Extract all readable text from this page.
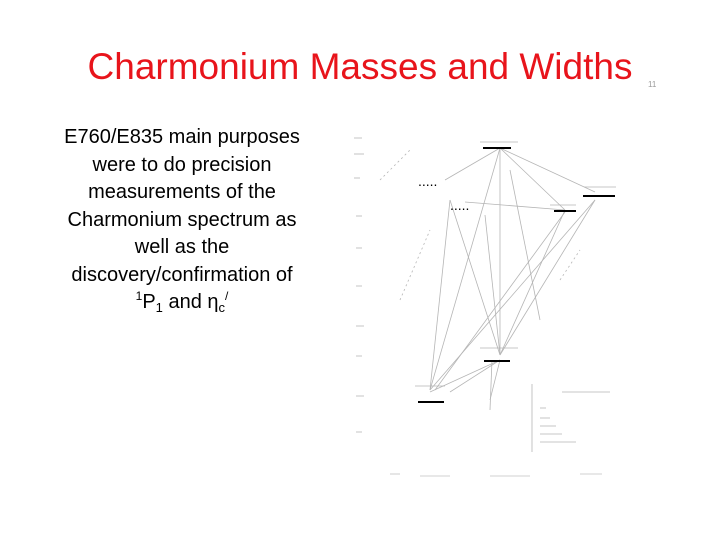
Charmonium Masses and Widths	11
E760/E835 main purposes
were to do precision
measurements of the
Charmonium spectrum as
well as the
discovery/confirmation of
$^1P_1$ and $\eta_c^/$
.....
.....
